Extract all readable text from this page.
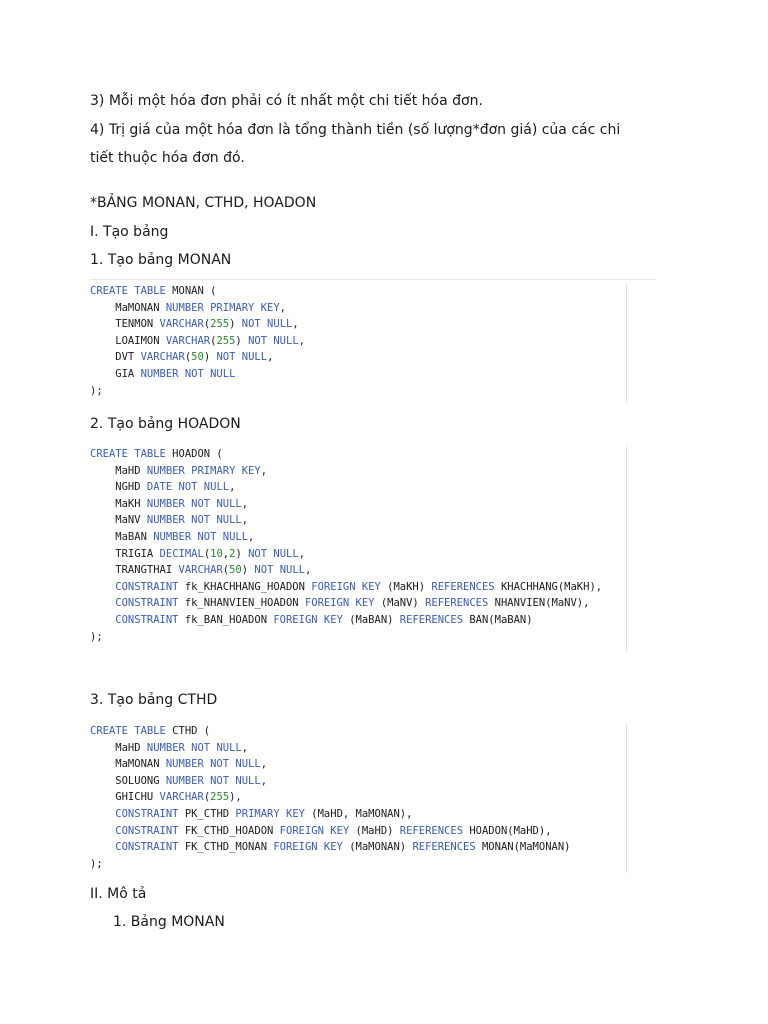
3) Mỗi một hóa đơn phải có ít nhất một chi tiết hóa đơn.

4) Trị giá của một hóa đơn là tổng thành tiền (số lượng*đơn giá) của các chi

tiết thuộc hóa đơn đó.

*BẢNG MONAN, CTHD, HOADON

I. Tạo bảng

1. Tạo bảng MONAN

CREATE TABLE MONAN (
MaMONAN NUMBER PRIMARY KEY,
TENMON VARCHAR(255) NOT NULL,
LOAIMON VARCHAR(255) NOT NULL,
DVT VARCHAR(50) NOT NULL,
GIA NUMBER NOT NULL
);

2. Tạo bảng HOADON

CREATE TABLE HOADON (
MaHD NUMBER PRIMARY KEY,
NGHD DATE NOT NULL,
MaKH NUMBER NOT NULL,
MaNV NUMBER NOT NULL,
MaBAN NUMBER NOT NULL,
TRIGIA DECIMAL(10,2) NOT NULL,
TRANGTHAI VARCHAR(50) NOT NULL,
CONSTRAINT fk_KHACHHANG_HOADON FOREIGN KEY (MaKH) REFERENCES KHACHHANG(MaKH),
CONSTRAINT fk_NHANVIEN_HOADON FOREIGN KEY (MaNV) REFERENCES NHANVIEN(MaNV),
CONSTRAINT fk_BAN_HOADON FOREIGN KEY (MaBAN) REFERENCES BAN(MaBAN)
);

3. Tạo bảng CTHD

CREATE TABLE CTHD (
MaHD NUMBER NOT NULL,
MaMONAN NUMBER NOT NULL,
SOLUONG NUMBER NOT NULL,
GHICHU VARCHAR(255),
CONSTRAINT PK_CTHD PRIMARY KEY (MaHD, MaMONAN),
CONSTRAINT FK_CTHD_HOADON FOREIGN KEY (MaHD) REFERENCES HOADON(MaHD),
CONSTRAINT FK_CTHD_MONAN FOREIGN KEY (MaMONAN) REFERENCES MONAN(MaMONAN)
);

II. Mô tả

1. Bảng MONAN
